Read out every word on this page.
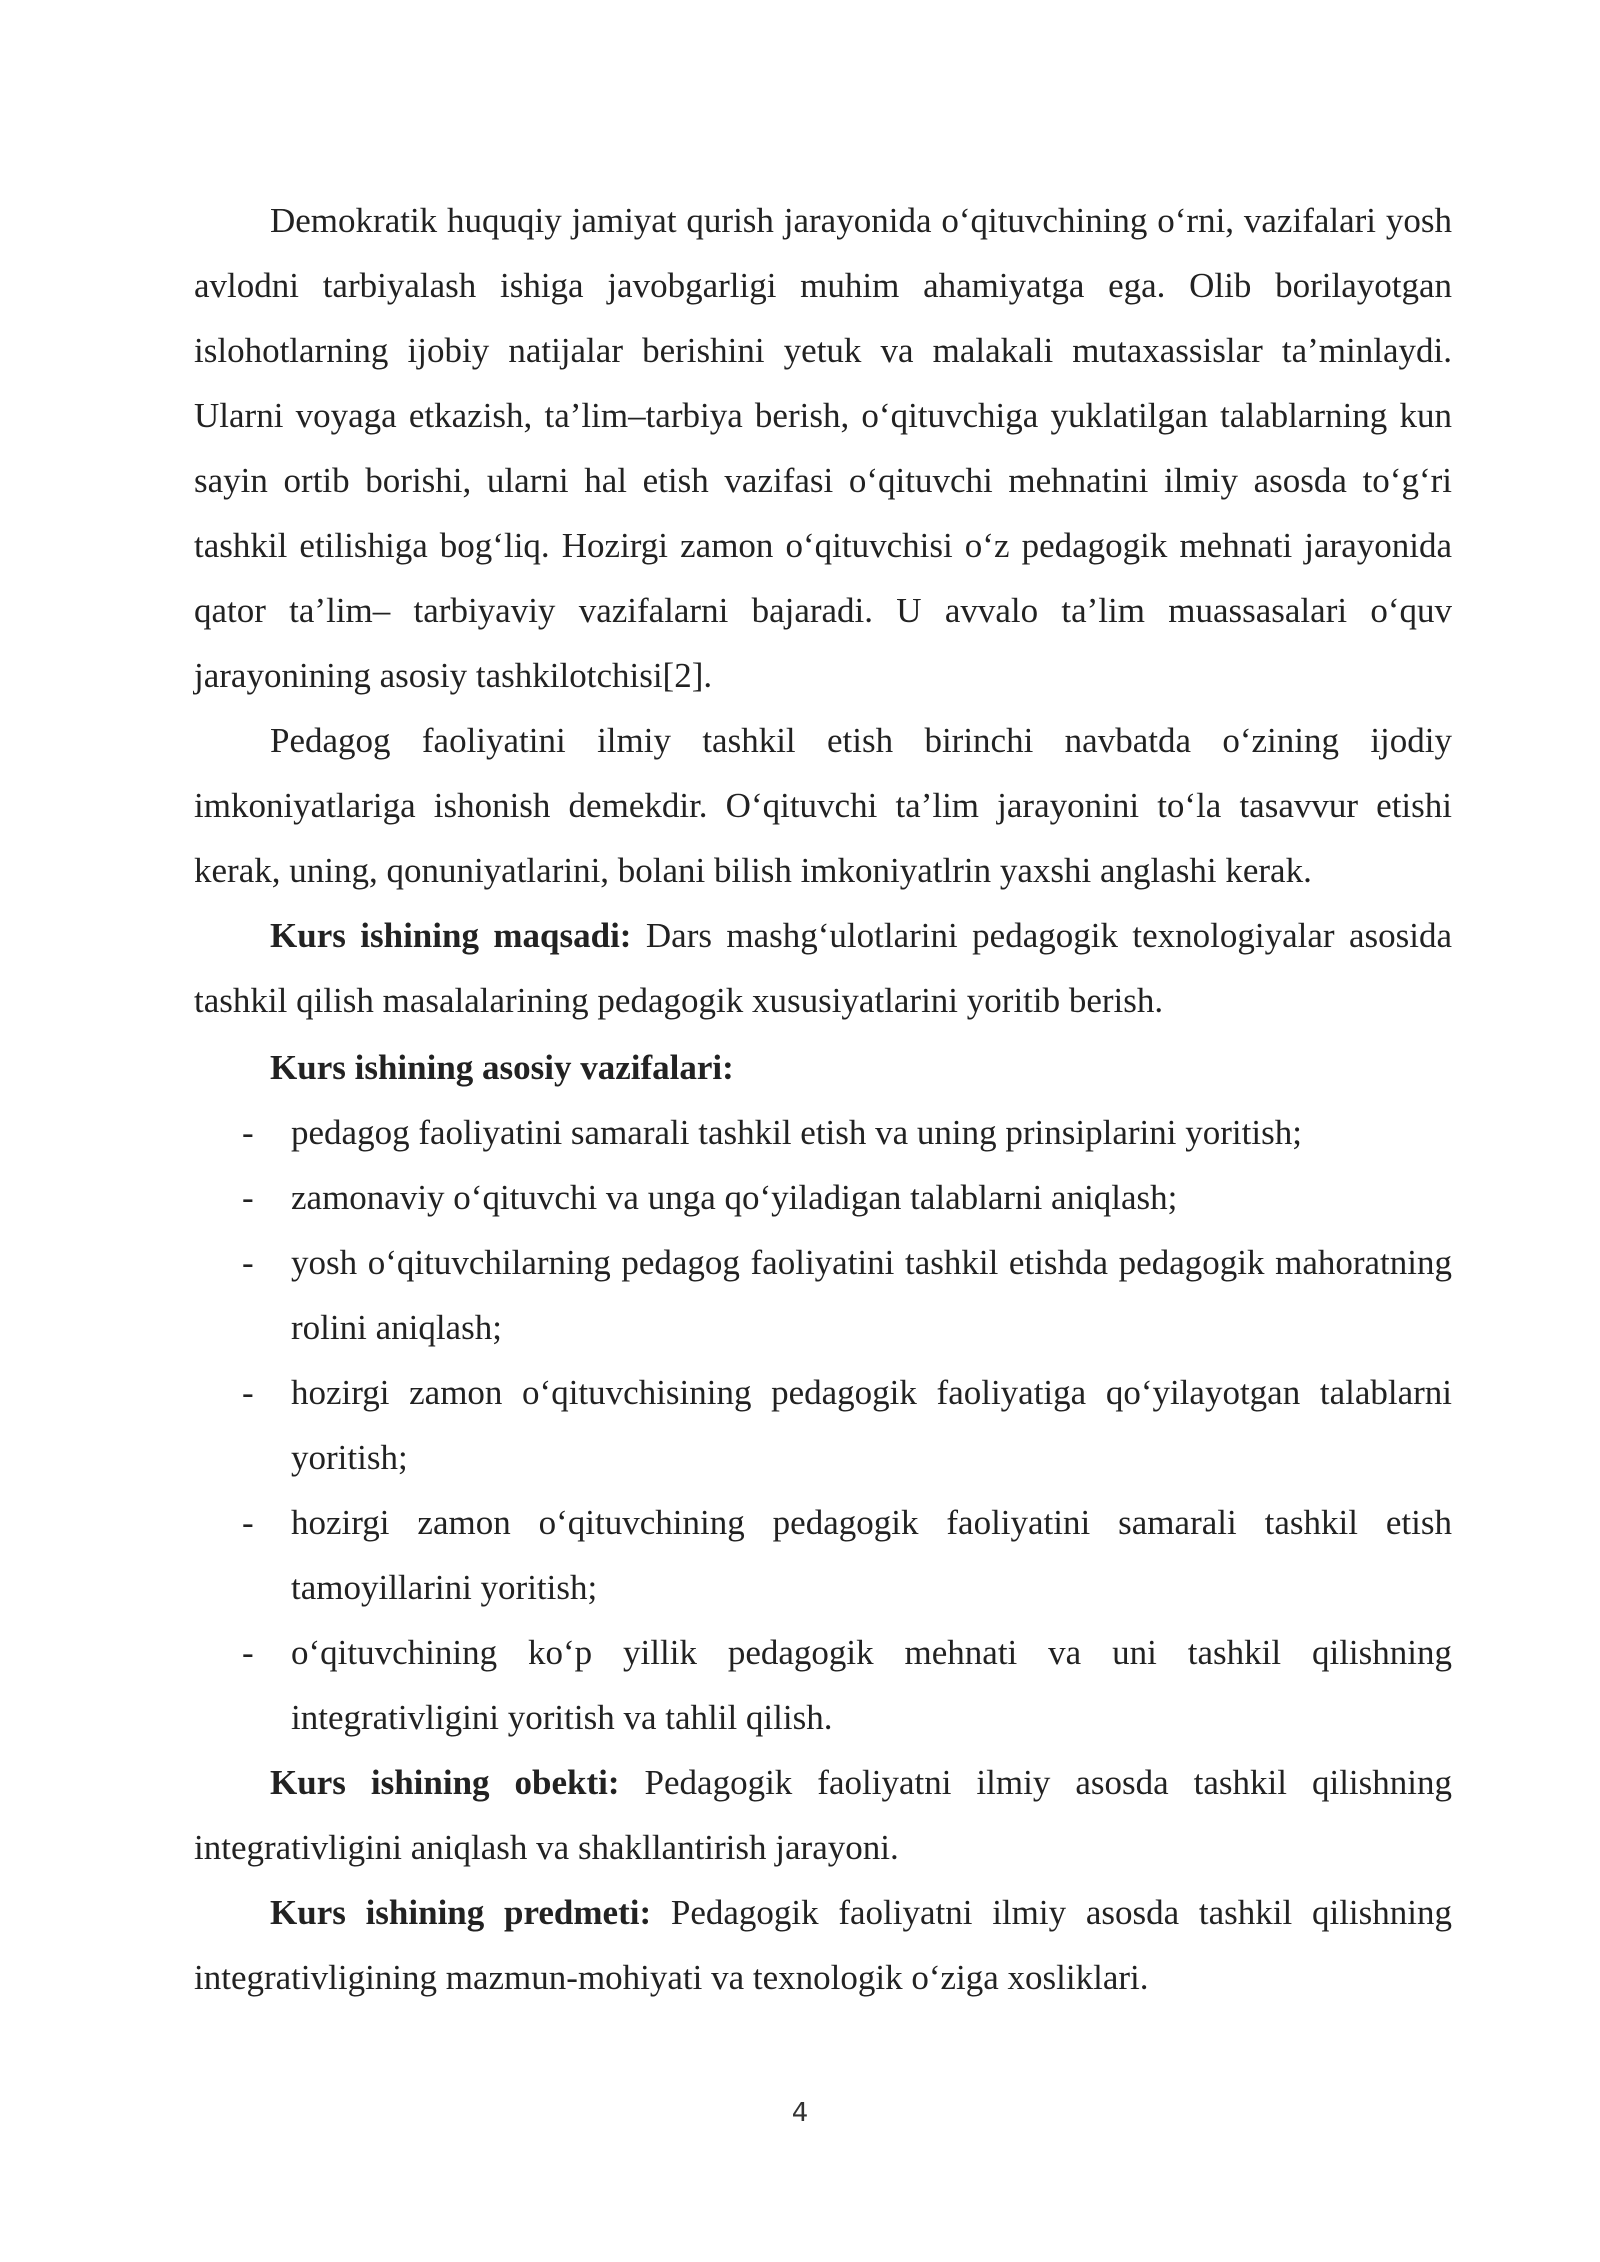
Demokratik huquqiy jamiyat qurish jarayonida oʻqituvchining oʻrni, vazifalari yosh avlodni tarbiyalash ishiga javobgarligi muhim ahamiyatga ega. Olib borilayotgan islohotlarning ijobiy natijalar berishini yetuk va malakali mutaxassislar ta’minlaydi. Ularni voyaga etkazish, ta’lim–tarbiya berish, oʻqituvchiga yuklatilgan talablarning kun sayin ortib borishi, ularni hal etish vazifasi oʻqituvchi mehnatini ilmiy asosda toʻgʻri tashkil etilishiga bogʻliq. Hozirgi zamon oʻqituvchisi oʻz pedagogik mehnati jarayonida qator ta’lim– tarbiyaviy vazifalarni bajaradi. U avvalo ta’lim muassasalari oʻquv jarayonining asosiy tashkilotchisi[2].

Pedagog faoliyatini ilmiy tashkil etish birinchi navbatda oʻzining ijodiy imkoniyatlariga ishonish demekdir. Oʻqituvchi ta’lim jarayonini toʻla tasavvur etishi kerak, uning, qonuniyatlarini, bolani bilish imkoniyatlrin yaxshi anglashi kerak.

Kurs ishining maqsadi: Dars mashgʻulotlarini pedagogik texnologiyalar asosida tashkil qilish masalalarining pedagogik xususiyatlarini yoritib berish.

Kurs ishining asosiy vazifalari:

- pedagog faoliyatini samarali tashkil etish va uning prinsiplarini yoritish;
- zamonaviy oʻqituvchi va unga qoʻyiladigan talablarni aniqlash;
- yosh oʻqituvchilarning pedagog faoliyatini tashkil etishda pedagogik mahoratning rolini aniqlash;
- hozirgi zamon oʻqituvchisining pedagogik faoliyatiga qoʻyilayotgan talablarni yoritish;
- hozirgi zamon oʻqituvchining pedagogik faoliyatini samarali tashkil etish tamoyillarini yoritish;
- oʻqituvchining koʻp yillik pedagogik mehnati va uni tashkil qilishning integrativligini yoritish va tahlil qilish.

Kurs ishining obekti: Pedagogik faoliyatni ilmiy asosda tashkil qilishning integrativligini aniqlash va shakllantirish jarayoni.

Kurs ishining predmeti: Pedagogik faoliyatni ilmiy asosda tashkil qilishning integrativligining mazmun-mohiyati va texnologik oʻziga xosliklari.

4
